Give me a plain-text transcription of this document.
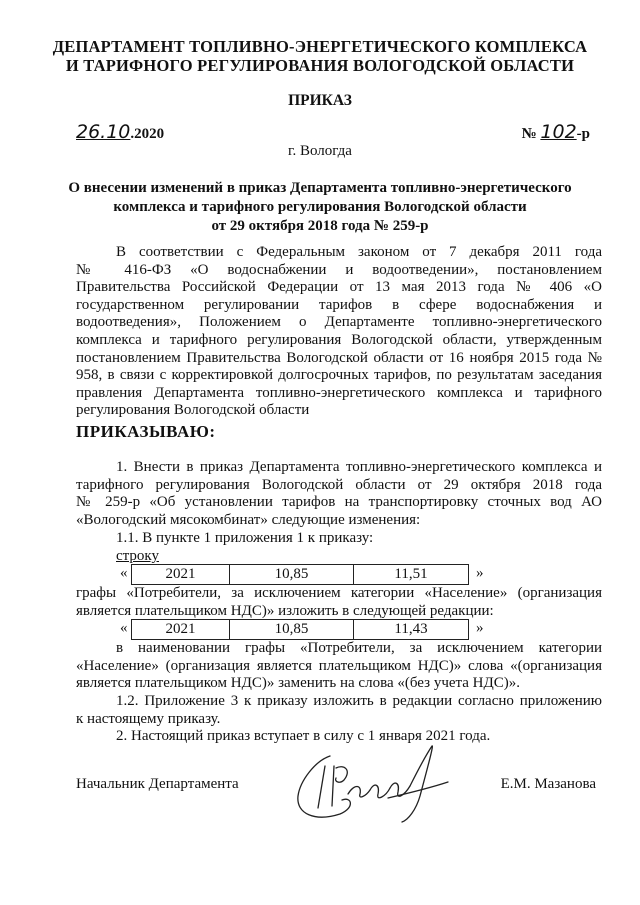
ДЕПАРТАМЕНТ ТОПЛИВНО-ЭНЕРГЕТИЧЕСКОГО КОМПЛЕКСА
И ТАРИФНОГО РЕГУЛИРОВАНИЯ ВОЛОГОДСКОЙ ОБЛАСТИ
ПРИКАЗ
26.10.2020	№ 102-р
г. Вологда
О внесении изменений в приказ Департамента топливно-энергетического
комплекса и тарифного регулирования Вологодской области
от 29 октября 2018 года № 259-р
В соответствии с Федеральным законом от 7 декабря 2011 года
№ 416-ФЗ «О водоснабжении и водоотведении», постановлением
Правительства Российской Федерации от 13 мая 2013 года № 406 «О
государственном регулировании тарифов в сфере водоснабжения и
водоотведения», Положением о Департаменте топливно-энергетического
комплекса и тарифного регулирования Вологодской области, утвержденным
постановлением Правительства Вологодской области от 16 ноября 2015 года №
958, в связи с корректировкой долгосрочных тарифов, по результатам заседания
правления Департамента топливно-энергетического комплекса и тарифного
регулирования Вологодской области
ПРИКАЗЫВАЮ:
1. Внести в приказ Департамента топливно-энергетического комплекса и
тарифного регулирования Вологодской области от 29 октября 2018 года
№ 259-р «Об установлении тарифов на транспортировку сточных вод АО
«Вологодский мясокомбинат» следующие изменения:
1.1. В пункте 1 приложения 1 к приказу:
строку
«	2021	10,85	11,51	»
графы «Потребители, за исключением категории «Население» (организация
является плательщиком НДС)» изложить в следующей редакции:
«	2021	10,85	11,43	»
в наименовании графы «Потребители, за исключением категории
«Население» (организация является плательщиком НДС)» слова «(организация
является плательщиком НДС)» заменить на слова «(без учета НДС)».
1.2. Приложение 3 к приказу изложить в редакции согласно приложению
к настоящему приказу.
2. Настоящий приказ вступает в силу с 1 января 2021 года.
Начальник Департамента	Е.М. Мазанова
